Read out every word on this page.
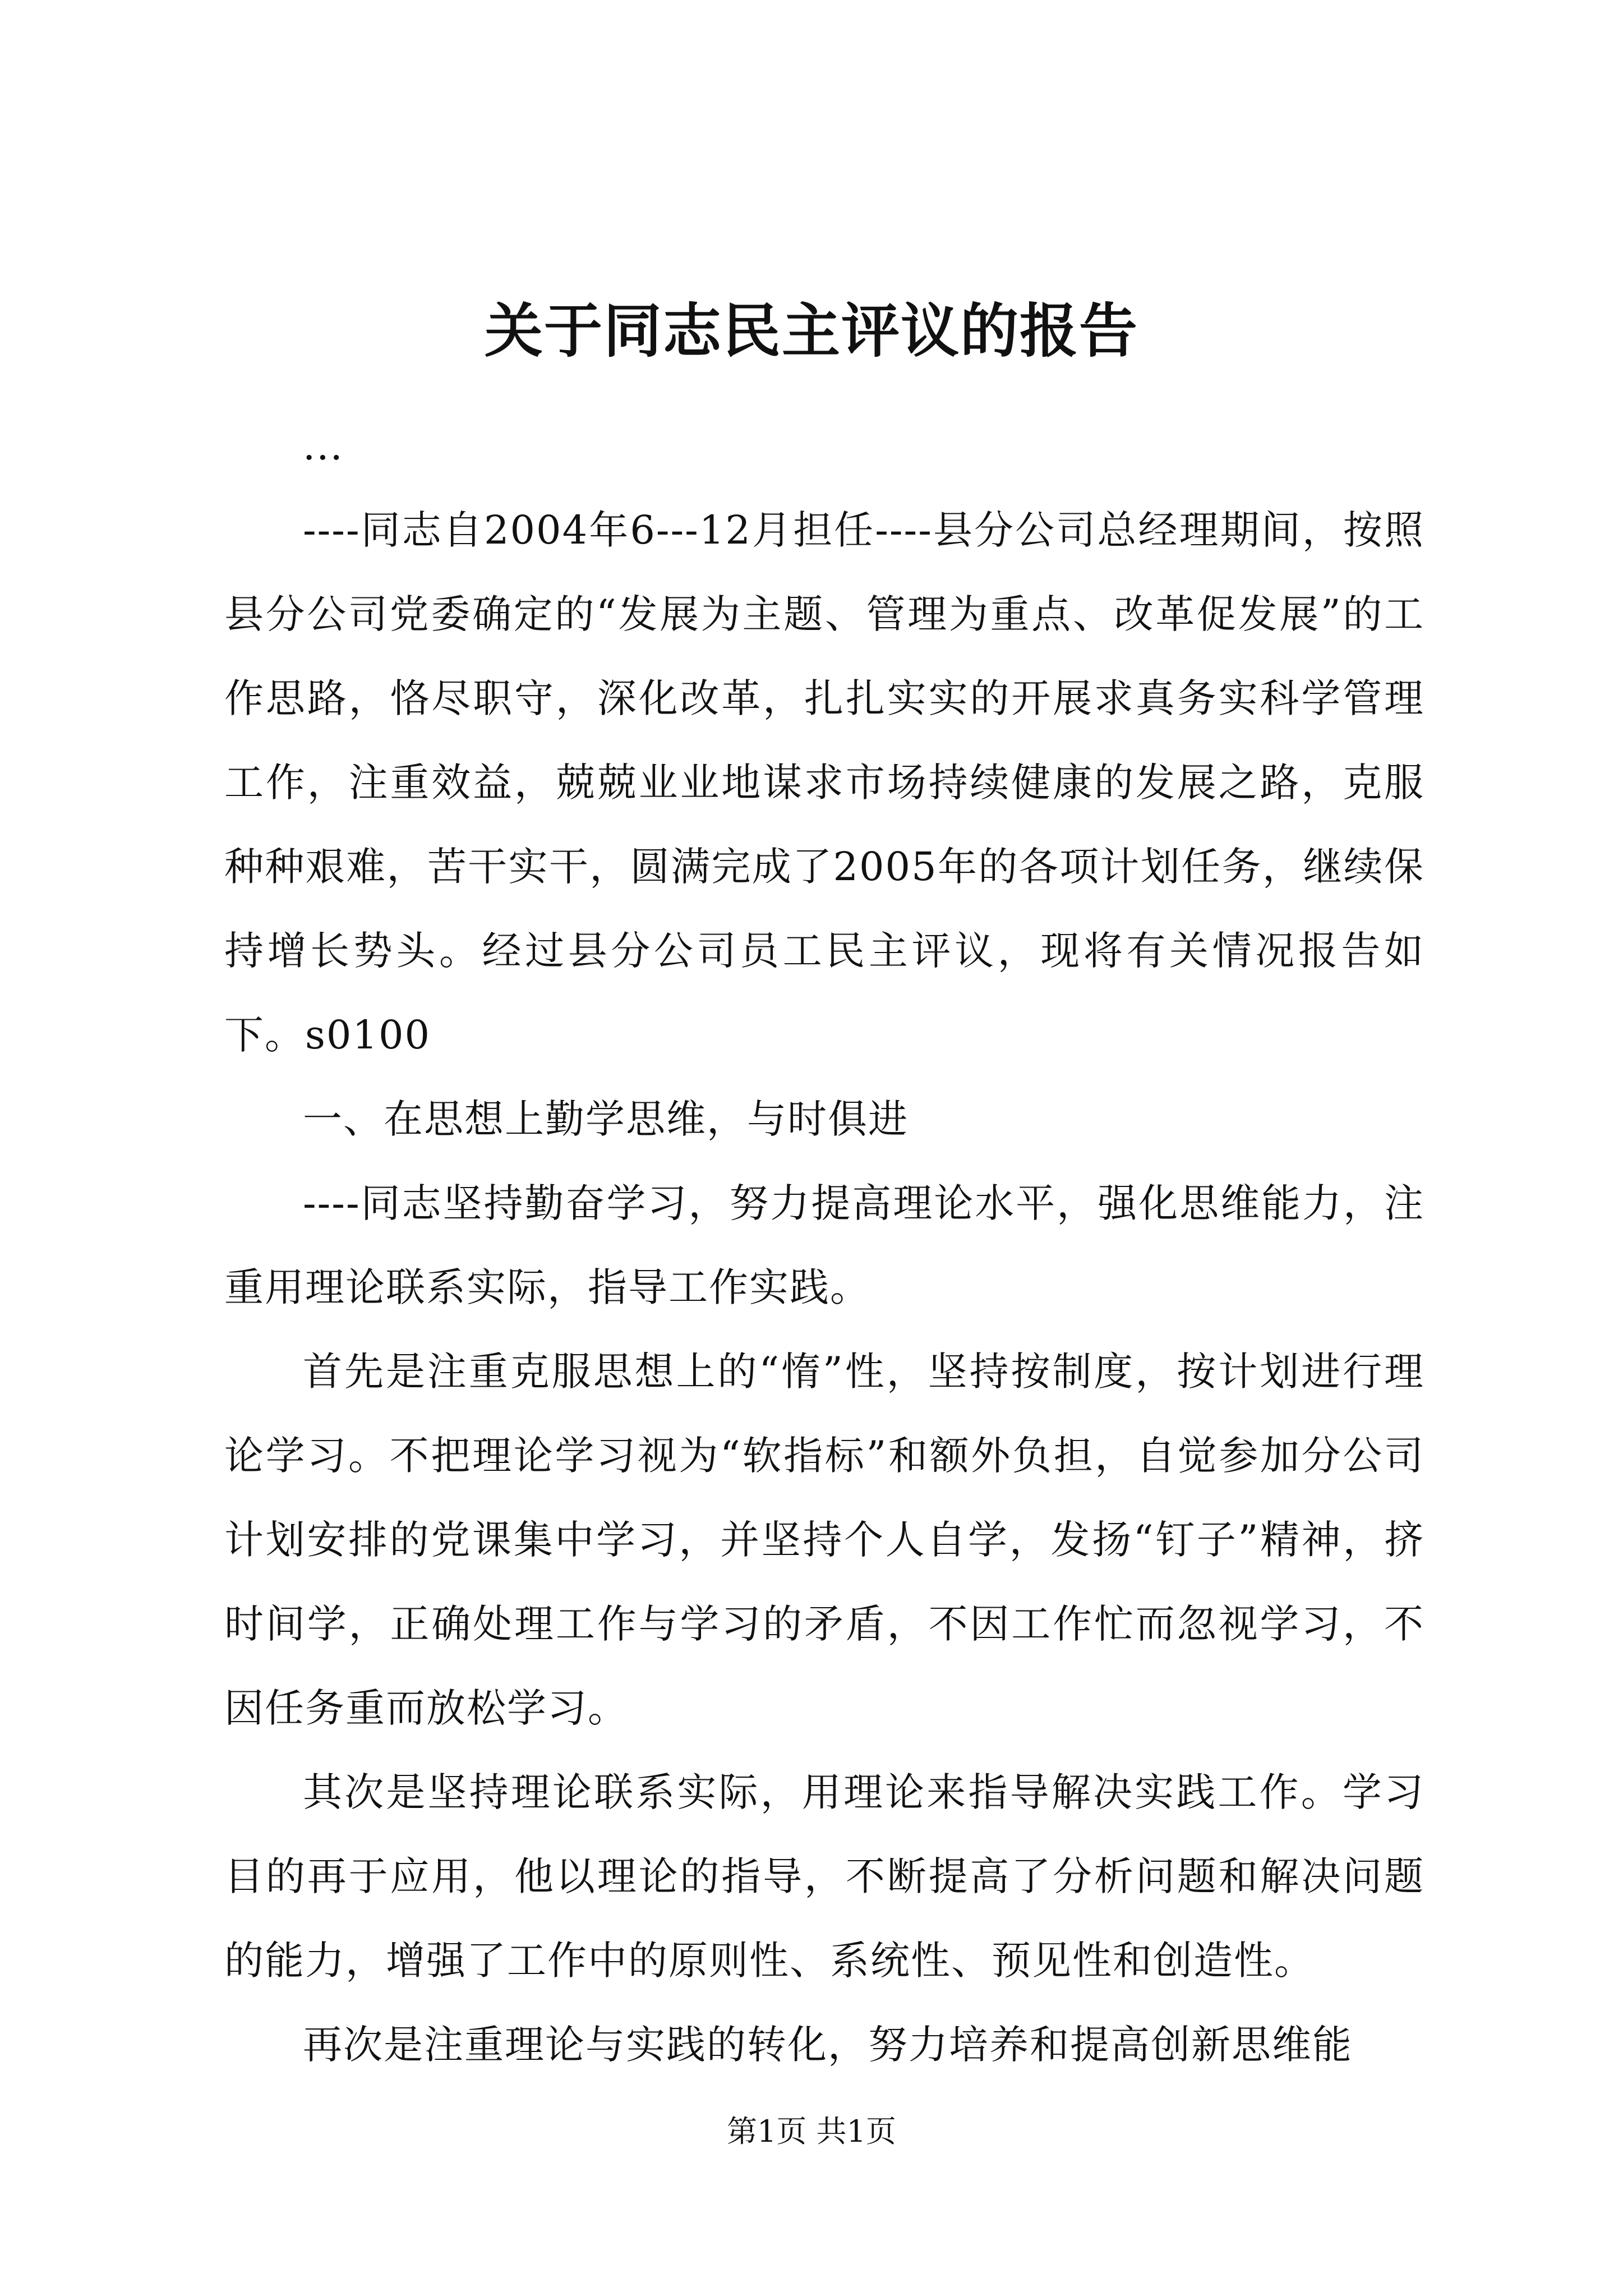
关于同志民主评议的报告

...

----同志自2004年6---12月担任----县分公司总经理期间，按照县分公司党委确定的“发展为主题、管理为重点、改革促发展”的工作思路，恪尽职守，深化改革，扎扎实实的开展求真务实科学管理工作，注重效益，兢兢业业地谋求市场持续健康的发展之路，克服种种艰难，苦干实干，圆满完成了2005年的各项计划任务，继续保持增长势头。经过县分公司员工民主评议，现将有关情况报告如下。s0100

一、在思想上勤学思维，与时俱进

----同志坚持勤奋学习，努力提高理论水平，强化思维能力，注重用理论联系实际，指导工作实践。

首先是注重克服思想上的“惰”性，坚持按制度，按计划进行理论学习。不把理论学习视为“软指标”和额外负担，自觉参加分公司计划安排的党课集中学习，并坚持个人自学，发扬“钉子”精神，挤时间学，正确处理工作与学习的矛盾，不因工作忙而忽视学习，不因任务重而放松学习。

其次是坚持理论联系实际，用理论来指导解决实践工作。学习目的再于应用，他以理论的指导，不断提高了分析问题和解决问题的能力，增强了工作中的原则性、系统性、预见性和创造性。

再次是注重理论与实践的转化，努力培养和提高创新思维能

第1页 共1页
